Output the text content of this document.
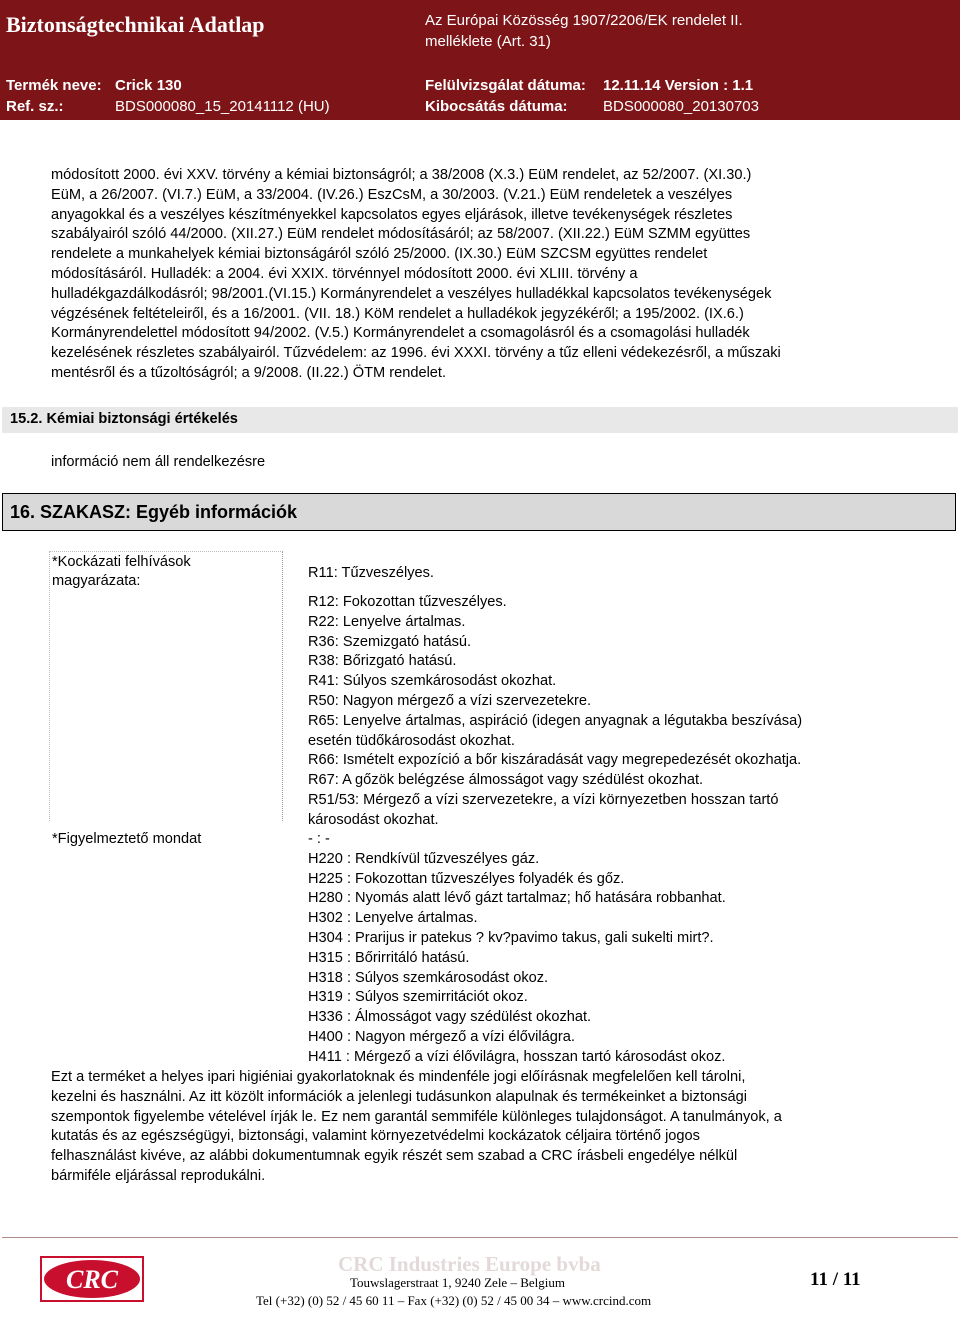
Biztonságtechnikai Adatlap	Az Európai Közösség 1907/2206/EK rendelet II.
melléklete (Art. 31)
Termék neve: Crick 130	Felülvizsgálat dátuma: 12.11.14 Version : 1.1
Ref. sz.:	BDS000080_15_20141112 (HU)	Kibocsátás dátuma: BDS000080_20130703

módosított 2000. évi XXV. törvény a kémiai biztonságról; a 38/2008 (X.3.) EüM rendelet, az 52/2007. (XI.30.)

EüM, a 26/2007. (VI.7.) EüM, a 33/2004. (IV.26.) EszCsM, a 30/2003. (V.21.) EüM rendeletek a veszélyes

anyagokkal és a veszélyes készítményekkel kapcsolatos egyes eljárások, illetve tevékenységek részletes

szabályairól szóló 44/2000. (XII.27.) EüM rendelet módosításáról; az 58/2007. (XII.22.) EüM SZMM együttes

rendelete a munkahelyek kémiai biztonságáról szóló 25/2000. (IX.30.) EüM SZCSM együttes rendelet

módosításáról. Hulladék: a 2004. évi XXIX. törvénnyel módosított 2000. évi XLIII. törvény a

hulladékgazdálkodásról; 98/2001.(VI.15.) Kormányrendelet a veszélyes hulladékkal kapcsolatos tevékenységek

végzésének feltételeiről, és a 16/2001. (VII. 18.) KöM rendelet a hulladékok jegyzékéről; a 195/2002. (IX.6.)

Kormányrendelettel módosított 94/2002. (V.5.) Kormányrendelet a csomagolásról és a csomagolási hulladék

kezelésének részletes szabályairól. Tűzvédelem: az 1996. évi XXXI. törvény a tűz elleni védekezésről, a műszaki

mentésről és a tűzoltóságról; a 9/2008. (II.22.) ÖTM rendelet.

15.2. Kémiai biztonsági értékelés
információ nem áll rendelkezésre
16. SZAKASZ: Egyéb információk

*Kockázati felhívások

magyarázata:	R11: Tűzveszélyes.

R12: Fokozottan tűzveszélyes.

R22: Lenyelve ártalmas.

R36: Szemizgató hatású.

R38: Bőrizgató hatású.

R41: Súlyos szemkárosodást okozhat.

R50: Nagyon mérgező a vízi szervezetekre.

R65: Lenyelve ártalmas, aspiráció (idegen anyagnak a légutakba beszívása)

esetén tüdőkárosodást okozhat.

R66: Ismételt expozíció a bőr kiszáradását vagy megrepedezését okozhatja.

R67: A gőzök belégzése álmosságot vagy szédülést okozhat.

R51/53: Mérgező a vízi szervezetekre, a vízi környezetben hosszan tartó

károsodást okozhat.

*Figyelmeztető mondat	- : -

H220 : Rendkívül tűzveszélyes gáz.

H225 : Fokozottan tűzveszélyes folyadék és gőz.

H280 : Nyomás alatt lévő gázt tartalmaz; hő hatására robbanhat.

H302 : Lenyelve ártalmas.

H304 : Prarijus ir patekus ? kv?pavimo takus, gali sukelti mirt?.

H315 : Bőrirritáló hatású.

H318 : Súlyos szemkárosodást okoz.

H319 : Súlyos szemirritációt okoz.

H336 : Álmosságot vagy szédülést okozhat.

H400 : Nagyon mérgező a vízi élővilágra.

H411 : Mérgező a vízi élővilágra, hosszan tartó károsodást okoz.

Ezt a terméket a helyes ipari higiéniai gyakorlatoknak és mindenféle jogi előírásnak megfelelően kell tárolni,

kezelni és használni. Az itt közölt információk a jelenlegi tudásunkon alapulnak és termékeinket a biztonsági

szempontok figyelembe vételével írják le. Ez nem garantál semmiféle különleges tulajdonságot. A tanulmányok, a

kutatás és az egészségügyi, biztonsági, valamint környezetvédelmi kockázatok céljaira történő jogos

felhasználást kivéve, az alábbi dokumentumnak egyik részét sem szabad a CRC írásbeli engedélye nélkül

bármiféle eljárással reprodukálni.

CRC
CRC Industries Europe bvba
Touwslagerstraat 1, 9240 Zele – Belgium
Tel (+32) (0) 52 / 45 60 11 – Fax (+32) (0) 52 / 45 00 34 – www.crcind.com
11 / 11
